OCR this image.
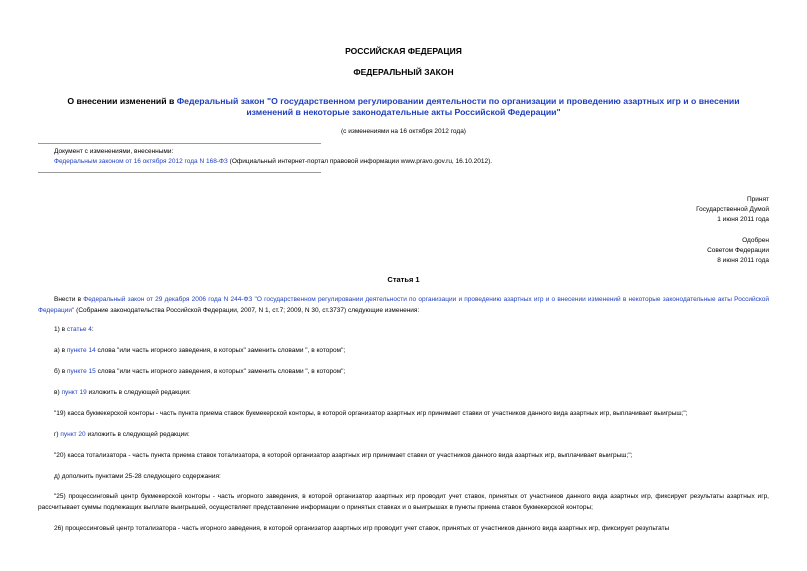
РОССИЙСКАЯ ФЕДЕРАЦИЯ
ФЕДЕРАЛЬНЫЙ ЗАКОН
О внесении изменений в Федеральный закон "О государственном регулировании деятельности по организации и проведению азартных игр и о внесении изменений в некоторые законодательные акты Российской Федерации"
(с изменениями на 16 октября 2012 года)
Документ с изменениями, внесенными:
Федеральным законом от 16 октября 2012 года N 168-ФЗ (Официальный интернет-портал правовой информации www.pravo.gov.ru, 16.10.2012).
Принят
Государственной Думой
1 июня 2011 года
Одобрен
Советом Федерации
8 июня 2011 года
Статья 1
Внести в Федеральный закон от 29 декабря 2006 года N 244-ФЗ "О государственном регулировании деятельности по организации и проведению азартных игр и о внесении изменений в некоторые законодательные акты Российской Федерации" (Собрание законодательства Российской Федерации, 2007, N 1, ст.7; 2009, N 30, ст.3737) следующие изменения:
1) в статье 4:
а) в пункте 14 слова "или часть игорного заведения, в которых" заменить словами ", в котором";
б) в пункте 15 слова "или часть игорного заведения, в которых" заменить словами ", в котором";
в) пункт 19 изложить в следующей редакции:
"19) касса букмекерской конторы - часть пункта приема ставок букмекерской конторы, в которой организатор азартных игр принимает ставки от участников данного вида азартных игр, выплачивает выигрыш;";
г) пункт 20 изложить в следующей редакции:
"20) касса тотализатора - часть пункта приема ставок тотализатора, в которой организатор азартных игр принимает ставки от участников данного вида азартных игр, выплачивает выигрыш;";
д) дополнить пунктами 25-28 следующего содержания:
"25) процессинговый центр букмекерской конторы - часть игорного заведения, в которой организатор азартных игр проводит учет ставок, принятых от участников данного вида азартных игр, фиксирует результаты азартных игр, рассчитывает суммы подлежащих выплате выигрышей, осуществляет представление информации о принятых ставках и о выигрышах в пункты приема ставок букмекерской конторы;
26) процессинговый центр тотализатора - часть игорного заведения, в которой организатор азартных игр проводит учет ставок, принятых от участников данного вида азартных игр, фиксирует результаты
